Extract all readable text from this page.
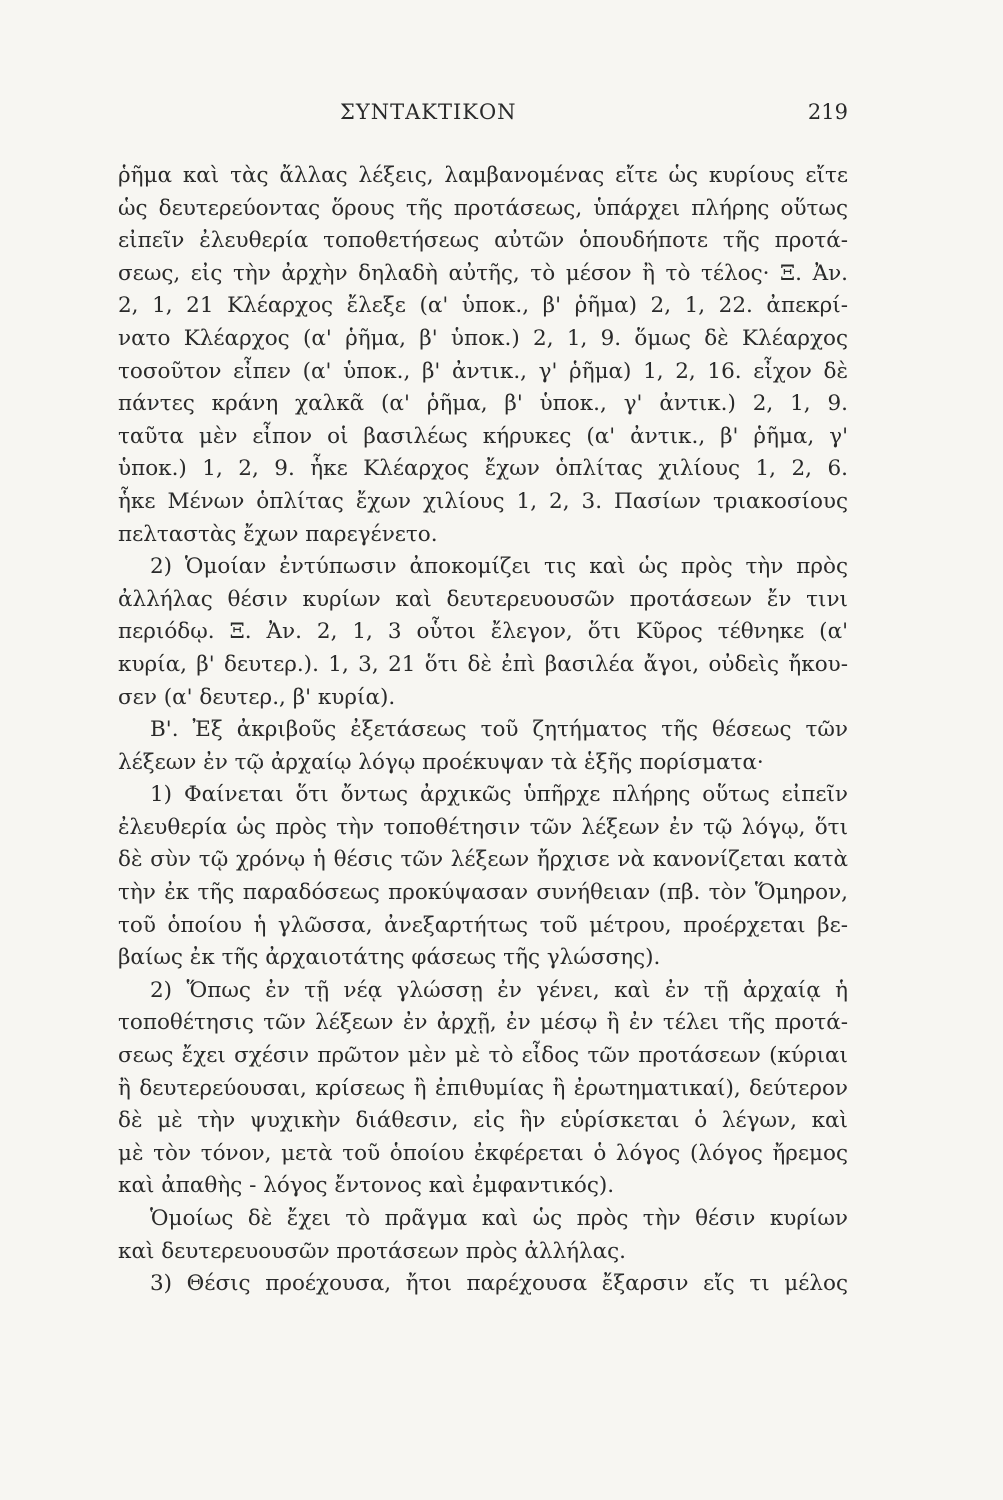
ΣΥΝΤΑΚΤΙΚΟΝ	219
ῥῆμα καὶ τὰς ἄλλας λέξεις, λαμβανομένας εἴτε ὡς κυρίους εἴτε
ὡς δευτερεύοντας ὅρους τῆς προτάσεως, ὑπάρχει πλήρης οὕτως
εἰπεῖν ἐλευθερία τοποθετήσεως αὐτῶν ὁπουδήποτε τῆς προτά-
σεως, εἰς τὴν ἀρχὴν δηλαδὴ αὐτῆς, τὸ μέσον ἢ τὸ τέλος· Ξ. Ἀν.
2, 1, 21 Κλέαρχος ἔλεξε (α' ὑποκ., β' ῥῆμα) 2, 1, 22. ἀπεκρί-
νατο Κλέαρχος (α' ῥῆμα, β' ὑποκ.) 2, 1, 9. ὅμως δὲ Κλέαρχος
τοσοῦτον εἶπεν (α' ὑποκ., β' ἀντικ., γ' ῥῆμα) 1, 2, 16. εἶχον δὲ
πάντες κράνη χαλκᾶ (α' ῥῆμα, β' ὑποκ., γ' ἀντικ.) 2, 1, 9.
ταῦτα μὲν εἶπον οἱ βασιλέως κήρυκες (α' ἀντικ., β' ῥῆμα, γ'
ὑποκ.) 1, 2, 9. ἧκε Κλέαρχος ἔχων ὁπλίτας χιλίους 1, 2, 6.
ἧκε Μένων ὁπλίτας ἔχων χιλίους 1, 2, 3. Πασίων τριακοσίους
πελταστὰς ἔχων παρεγένετο.
2) Ὁμοίαν ἐντύπωσιν ἀποκομίζει τις καὶ ὡς πρὸς τὴν πρὸς
ἀλλήλας θέσιν κυρίων καὶ δευτερευουσῶν προτάσεων ἔν τινι
περιόδῳ. Ξ. Ἀν. 2, 1, 3 οὗτοι ἔλεγον, ὅτι Κῦρος τέθνηκε (α'
κυρία, β' δευτερ.). 1, 3, 21 ὅτι δὲ ἐπὶ βασιλέα ἄγοι, οὐδεὶς ἤκου-
σεν (α' δευτερ., β' κυρία).
Β'. Ἐξ ἀκριβοῦς ἐξετάσεως τοῦ ζητήματος τῆς θέσεως τῶν
λέξεων ἐν τῷ ἀρχαίῳ λόγῳ προέκυψαν τὰ ἑξῆς πορίσματα·
1) Φαίνεται ὅτι ὄντως ἀρχικῶς ὑπῆρχε πλήρης οὕτως εἰπεῖν
ἐλευθερία ὡς πρὸς τὴν τοποθέτησιν τῶν λέξεων ἐν τῷ λόγῳ, ὅτι
δὲ σὺν τῷ χρόνῳ ἡ θέσις τῶν λέξεων ἤρχισε νὰ κανονίζεται κατὰ
τὴν ἐκ τῆς παραδόσεως προκύψασαν συνήθειαν (πβ. τὸν Ὅμηρον,
τοῦ ὁποίου ἡ γλῶσσα, ἀνεξαρτήτως τοῦ μέτρου, προέρχεται βε-
βαίως ἐκ τῆς ἀρχαιοτάτης φάσεως τῆς γλώσσης).
2) Ὅπως ἐν τῇ νέᾳ γλώσσῃ ἐν γένει, καὶ ἐν τῇ ἀρχαίᾳ ἡ
τοποθέτησις τῶν λέξεων ἐν ἀρχῇ, ἐν μέσῳ ἢ ἐν τέλει τῆς προτά-
σεως ἔχει σχέσιν πρῶτον μὲν μὲ τὸ εἶδος τῶν προτάσεων (κύριαι
ἢ δευτερεύουσαι, κρίσεως ἢ ἐπιθυμίας ἢ ἐρωτηματικαί), δεύτερον
δὲ μὲ τὴν ψυχικὴν διάθεσιν, εἰς ἣν εὑρίσκεται ὁ λέγων, καὶ
μὲ τὸν τόνον, μετὰ τοῦ ὁποίου ἐκφέρεται ὁ λόγος (λόγος ἤρεμος
καὶ ἀπαθὴς - λόγος ἔντονος καὶ ἐμφαντικός).
Ὁμοίως δὲ ἔχει τὸ πρᾶγμα καὶ ὡς πρὸς τὴν θέσιν κυρίων
καὶ δευτερευουσῶν προτάσεων πρὸς ἀλλήλας.
3) Θέσις προέχουσα, ἤτοι παρέχουσα ἔξαρσιν εἴς τι μέλος
